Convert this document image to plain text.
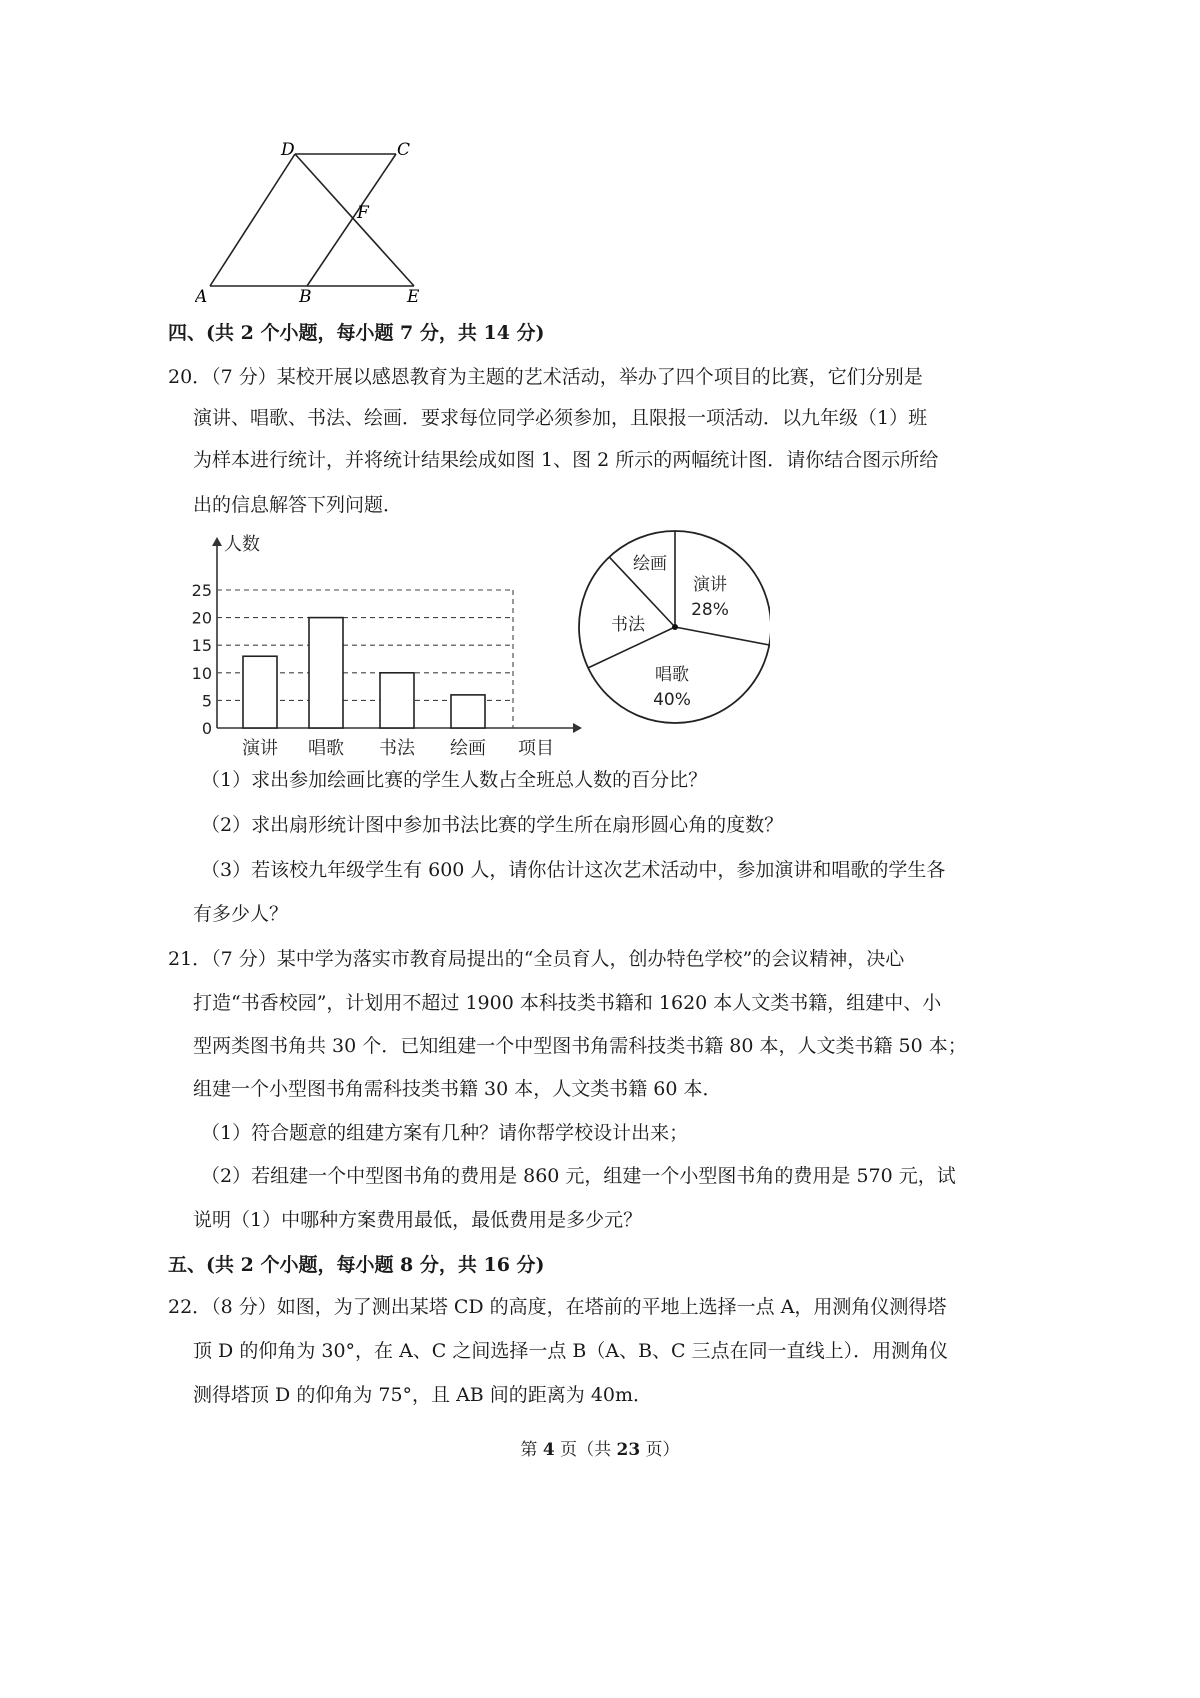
D	C
F
A	B	E
四、(共 2 个小题，每小题 7 分，共 14 分)
20．（7 分）某校开展以感恩教育为主题的艺术活动，举办了四个项目的比赛，它们分别是
演讲、唱歌、书法、绘画．要求每位同学必须参加，且限报一项活动．以九年级（1）班
为样本进行统计，并将统计结果绘成如图 1、图 2 所示的两幅统计图．请你结合图示所给
出的信息解答下列问题．
0
5
10
15
20
25
人数
项目
演讲 唱歌 书法 绘画
演讲
28%
唱歌
40%
书法
绘画
（1）求出参加绘画比赛的学生人数占全班总人数的百分比？
（2）求出扇形统计图中参加书法比赛的学生所在扇形圆心角的度数？
（3）若该校九年级学生有 600 人，请你估计这次艺术活动中，参加演讲和唱歌的学生各
有多少人？
21．（7 分）某中学为落实市教育局提出的“全员育人，创办特色学校”的会议精神，决心
打造“书香校园”，计划用不超过 1900 本科技类书籍和 1620 本人文类书籍，组建中、小
型两类图书角共 30 个．已知组建一个中型图书角需科技类书籍 80 本，人文类书籍 50 本；
组建一个小型图书角需科技类书籍 30 本，人文类书籍 60 本．
（1）符合题意的组建方案有几种？请你帮学校设计出来；
（2）若组建一个中型图书角的费用是 860 元，组建一个小型图书角的费用是 570 元，试
说明（1）中哪种方案费用最低，最低费用是多少元？
五、(共 2 个小题，每小题 8 分，共 16 分)
22．（8 分）如图，为了测出某塔 CD 的高度，在塔前的平地上选择一点 A，用测角仪测得塔
顶 D 的仰角为 30°，在 A、C 之间选择一点 B（A、B、C 三点在同一直线上）．用测角仪
测得塔顶 D 的仰角为 75°，且 AB 间的距离为 40m．
第 4 页（共 23 页）
